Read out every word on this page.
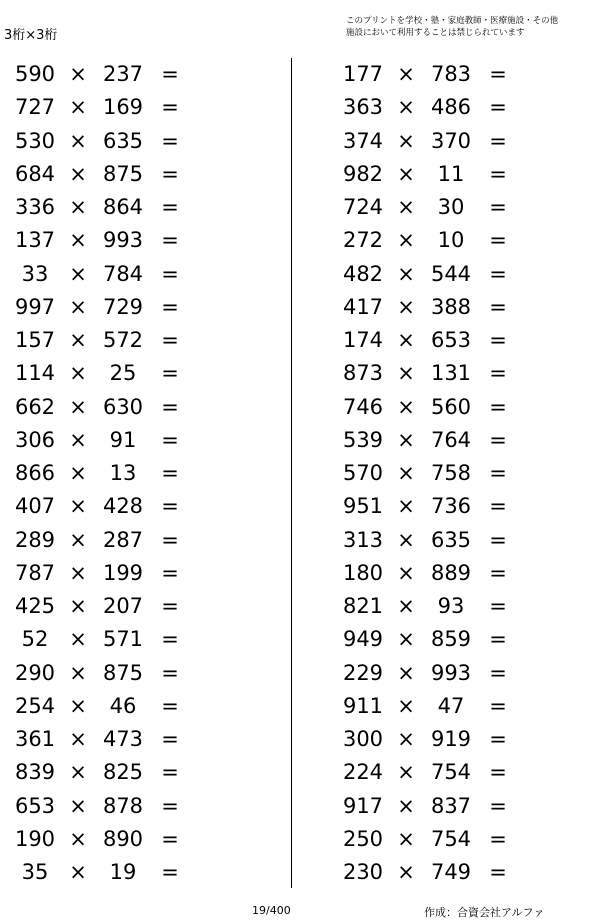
3桁×3桁
このプリントを学校・塾・家庭教師・医療施設・その他
施設において利用することは禁じられています
590 × 237 =
727 × 169 =
530 × 635 =
684 × 875 =
336 × 864 =
137 × 993 =
33 × 784 =
997 × 729 =
157 × 572 =
114 ×	25	=
662 × 630 =
306 ×	91	=
866 ×	13	=
407 × 428 =
289 × 287 =
787 × 199 =
425 × 207 =
52 × 571 =
290 × 875 =
254 ×	46	=
361 × 473 =
839 × 825 =
653 × 878 =
190 × 890 =
35 ×	19	=
177 × 783 =
363 × 486 =
374 × 370 =
982 ×	11	=
724 ×	30	=
272 ×	10	=
482 × 544 =
417 × 388 =
174 × 653 =
873 × 131 =
746 × 560 =
539 × 764 =
570 × 758 =
951 × 736 =
313 × 635 =
180 × 889 =
821 ×	93	=
949 × 859 =
229 × 993 =
911 ×	47	=
300 × 919 =
224 × 754 =
917 × 837 =
250 × 754 =
230 × 749 =
19/400	作成：合資会社アルファ
